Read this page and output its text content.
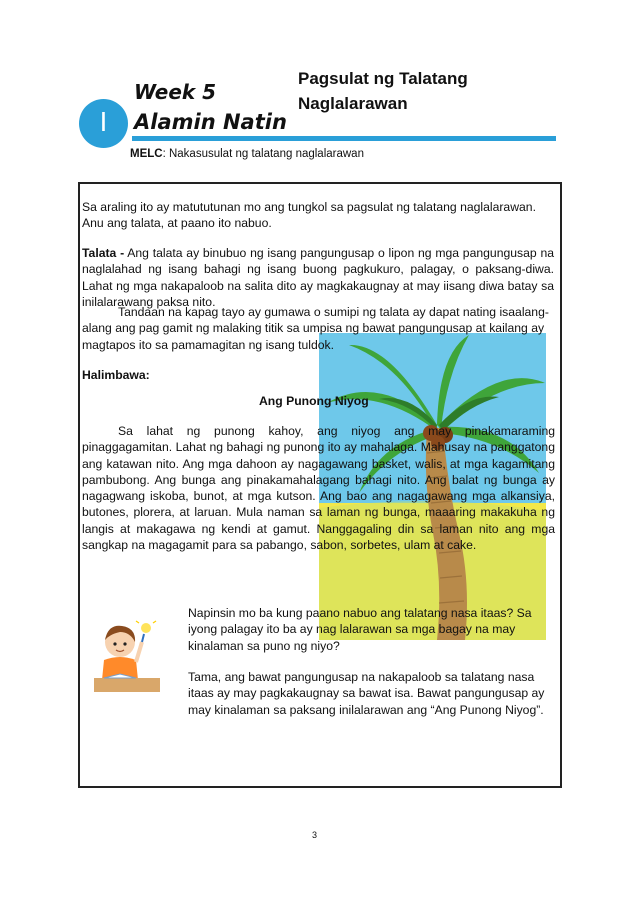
I
Week 5
Alamin Natin
Pagsulat ng Talatang
Naglalarawan
MELC: Nakasusulat ng talatang naglalarawan
Sa araling ito ay matututunan mo ang tungkol sa pagsulat ng talatang naglalarawan. Anu ang talata, at paano ito nabuo.
Talata - Ang talata ay binubuo ng isang pangungusap o lipon ng mga pangungusap na naglalahad ng isang bahagi ng isang buong pagkukuro, palagay, o paksang-diwa. Lahat ng mga nakapaloob na salita dito ay magkakaugnay at may iisang diwa batay sa inilalarawang paksa nito.
Tandaan na kapag tayo ay gumawa o sumipi ng talata ay dapat nating isaalang-alang ang pag gamit ng malaking titik sa umpisa ng bawat pangungusap at kailang ay magtapos ito sa pamamagitan ng isang tuldok.
Halimbawa:
Ang Punong Niyog
Sa lahat ng punong kahoy, ang niyog ang may pinakamaraming pinaggagamitan. Lahat ng bahagi ng punong ito ay mahalaga. Mahusay na panggatong ang katawan nito. Ang mga dahoon ay nagagawang basket, walis, at mga kagamitang pambubong. Ang bunga ang pinakamahalagang bahagi nito. Ang balat ng bunga ay nagagwang iskoba, bunot, at mga kutson. Ang bao ang nagagawang mga alkansiya, butones, plorera, at laruan. Mula naman sa laman ng bunga, maaaring makakuha ng langis at makagawa ng kendi at gamut. Nanggagaling din sa laman nito ang mga sangkap na magagamit para sa pabango, sabon, sorbetes, ulam at cake.
Napinsin mo ba kung paano nabuo ang talatang nasa itaas? Sa iyong palagay ito ba ay nag lalarawan sa mga bagay na may kinalaman sa puno ng niyo?
Tama, ang bawat pangungusap na nakapaloob sa talatang nasa itaas ay may pagkakaugnay sa bawat isa. Bawat pangungusap ay may kinalaman sa paksang inilalarawan ang “Ang Punong Niyog”.
3
